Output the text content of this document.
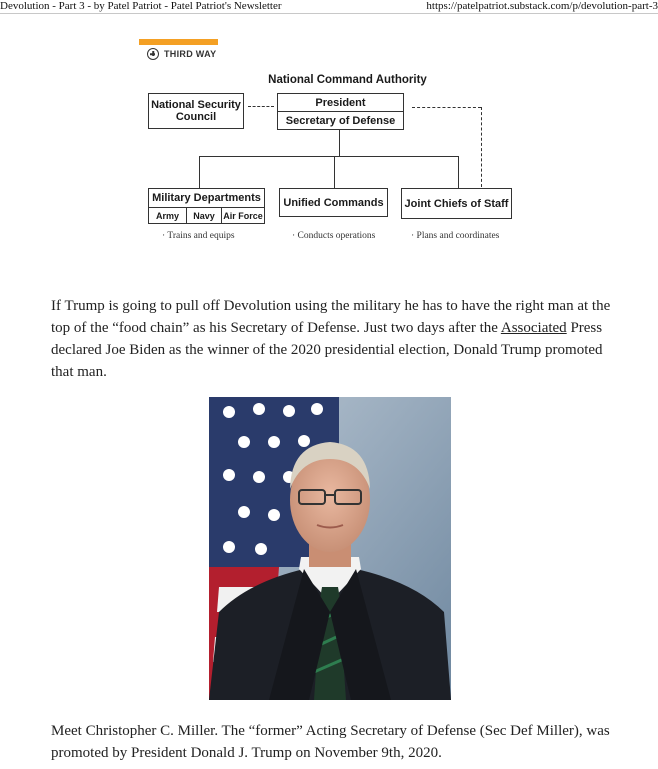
Devolution - Part 3 - by Patel Patriot - Patel Patriot's Newsletter	https://patelpatriot.substack.com/p/devolution-part-3
THIRD WAY
National Command Authority
National Security Council
President
Secretary of Defense
Military Departments
Army	Navy Air Force
Unified Commands	Joint Chiefs of Staff
· Trains and equips	· Conducts operations	· Plans and coordinates

If Trump is going to pull off Devolution using the military he has to have the right man at the top of the “food chain” as his Secretary of Defense. Just two days after the Associated Press declared Joe Biden as the winner of the 2020 presidential election, Donald Trump promoted that man.

Meet Christopher C. Miller. The “former” Acting Secretary of Defense (Sec Def Miller), was promoted by President Donald J. Trump on November 9th, 2020.
